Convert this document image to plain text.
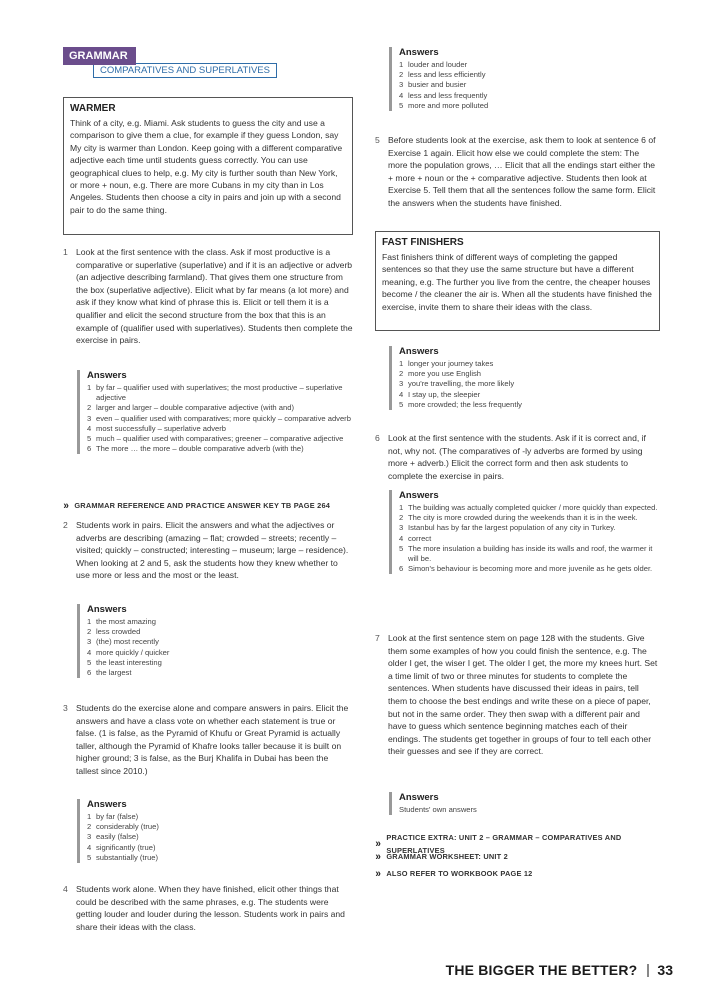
GRAMMAR
COMPARATIVES AND SUPERLATIVES
WARMER

Think of a city, e.g. Miami. Ask students to guess the city and use a comparison to give them a clue, for example if they guess London, say My city is warmer than London. Keep going with a different comparative adjective each time until students guess correctly. You can use geographical clues to help, e.g. My city is further south than New York, or more + noun, e.g. There are more Cubans in my city than in Los Angeles. Students then choose a city in pairs and join up with a second pair to do the same thing.

1 Look at the first sentence with the class. Ask if most productive is a comparative or superlative (superlative) and if it is an adjective or adverb (an adjective describing farmland). That gives them one structure from the box (superlative adjective). Elicit what by far means (a lot more) and ask if they know what kind of phrase this is. Elicit or tell them it is a qualifier and elicit the second structure from the box that this is an example of (qualifier used with superlatives). Students then complete the exercise in pairs.
Answers
1 by far – qualifier used with superlatives; the most productive – superlative adjective
2 larger and larger – double comparative adjective (with and)
3 even – qualifier used with comparatives; more quickly – comparative adverb
4 most successfully – superlative adverb
5 much – qualifier used with comparatives; greener – comparative adjective
6 The more … the more – double comparative adverb (with the)
» GRAMMAR REFERENCE AND PRACTICE ANSWER KEY TB PAGE 264
2 Students work in pairs. Elicit the answers and what the adjectives or adverbs are describing (amazing – flat; crowded – streets; recently – visited; quickly – constructed; interesting – museum; large – residence). When looking at 2 and 5, ask the students how they knew whether to use more or less and the most or the least.
Answers
1 the most amazing
2 less crowded
3 (the) most recently
4 more quickly / quicker
5 the least interesting
6 the largest
3 Students do the exercise alone and compare answers in pairs. Elicit the answers and have a class vote on whether each statement is true or false. (1 is false, as the Pyramid of Khufu or Great Pyramid is actually taller, although the Pyramid of Khafre looks taller because it is built on higher ground; 3 is false, as the Burj Khalifa in Dubai has been the tallest since 2010.)
Answers
1 by far (false)
2 considerably (true)
3 easily (false)
4 significantly (true)
5 substantially (true)
4 Students work alone. When they have finished, elicit other things that could be described with the same phrases, e.g. The students were getting louder and louder during the lesson. Students work in pairs and share their ideas with the class.
Answers
1 louder and louder
2 less and less efficiently
3 busier and busier
4 less and less frequently
5 more and more polluted
5 Before students look at the exercise, ask them to look at sentence 6 of Exercise 1 again. Elicit how else we could complete the stem: The more the population grows, … Elicit that all the endings start either the + more + noun or the + comparative adjective. Students then look at Exercise 5. Tell them that all the sentences follow the same form. Elicit the answers when the students have finished.
FAST FINISHERS

Fast finishers think of different ways of completing the gapped sentences so that they use the same structure but have a different meaning, e.g. The further you live from the centre, the cheaper houses become / the cleaner the air is. When all the students have finished the exercise, invite them to share their ideas with the class.

Answers
1 longer your journey takes
2 more you use English
3 you're travelling, the more likely
4 I stay up, the sleepier
5 more crowded; the less frequently
6 Look at the first sentence with the students. Ask if it is correct and, if not, why not. (The comparatives of -ly adverbs are formed by using more + adverb.) Elicit the correct form and then ask students to complete the exercise in pairs.
Answers
1 The building was actually completed quicker / more quickly than expected.
2 The city is more crowded during the weekends than it is in the week.
3 Istanbul has by far the largest population of any city in Turkey.
4 correct
5 The more insulation a building has inside its walls and roof, the warmer it will be.
6 Simon's behaviour is becoming more and more juvenile as he gets older.
7 Look at the first sentence stem on page 128 with the students. Give them some examples of how you could finish the sentence, e.g. The older I get, the wiser I get. The older I get, the more my knees hurt. Set a time limit of two or three minutes for students to complete the sentences. When students have discussed their ideas in pairs, tell them to choose the best endings and write these on a piece of paper, but not in the same order. They then swap with a different pair and have to guess which sentence beginning matches each of their endings. The students get together in groups of four to tell each other their guesses and see if they are correct.
Answers
Students' own answers
»
PRACTICE EXTRA: UNIT 2 – GRAMMAR – COMPARATIVES AND SUPERLATIVES
» GRAMMAR WORKSHEET: UNIT 2
» ALSO REFER TO WORKBOOK PAGE 12
THE BIGGER THE BETTER?	33
